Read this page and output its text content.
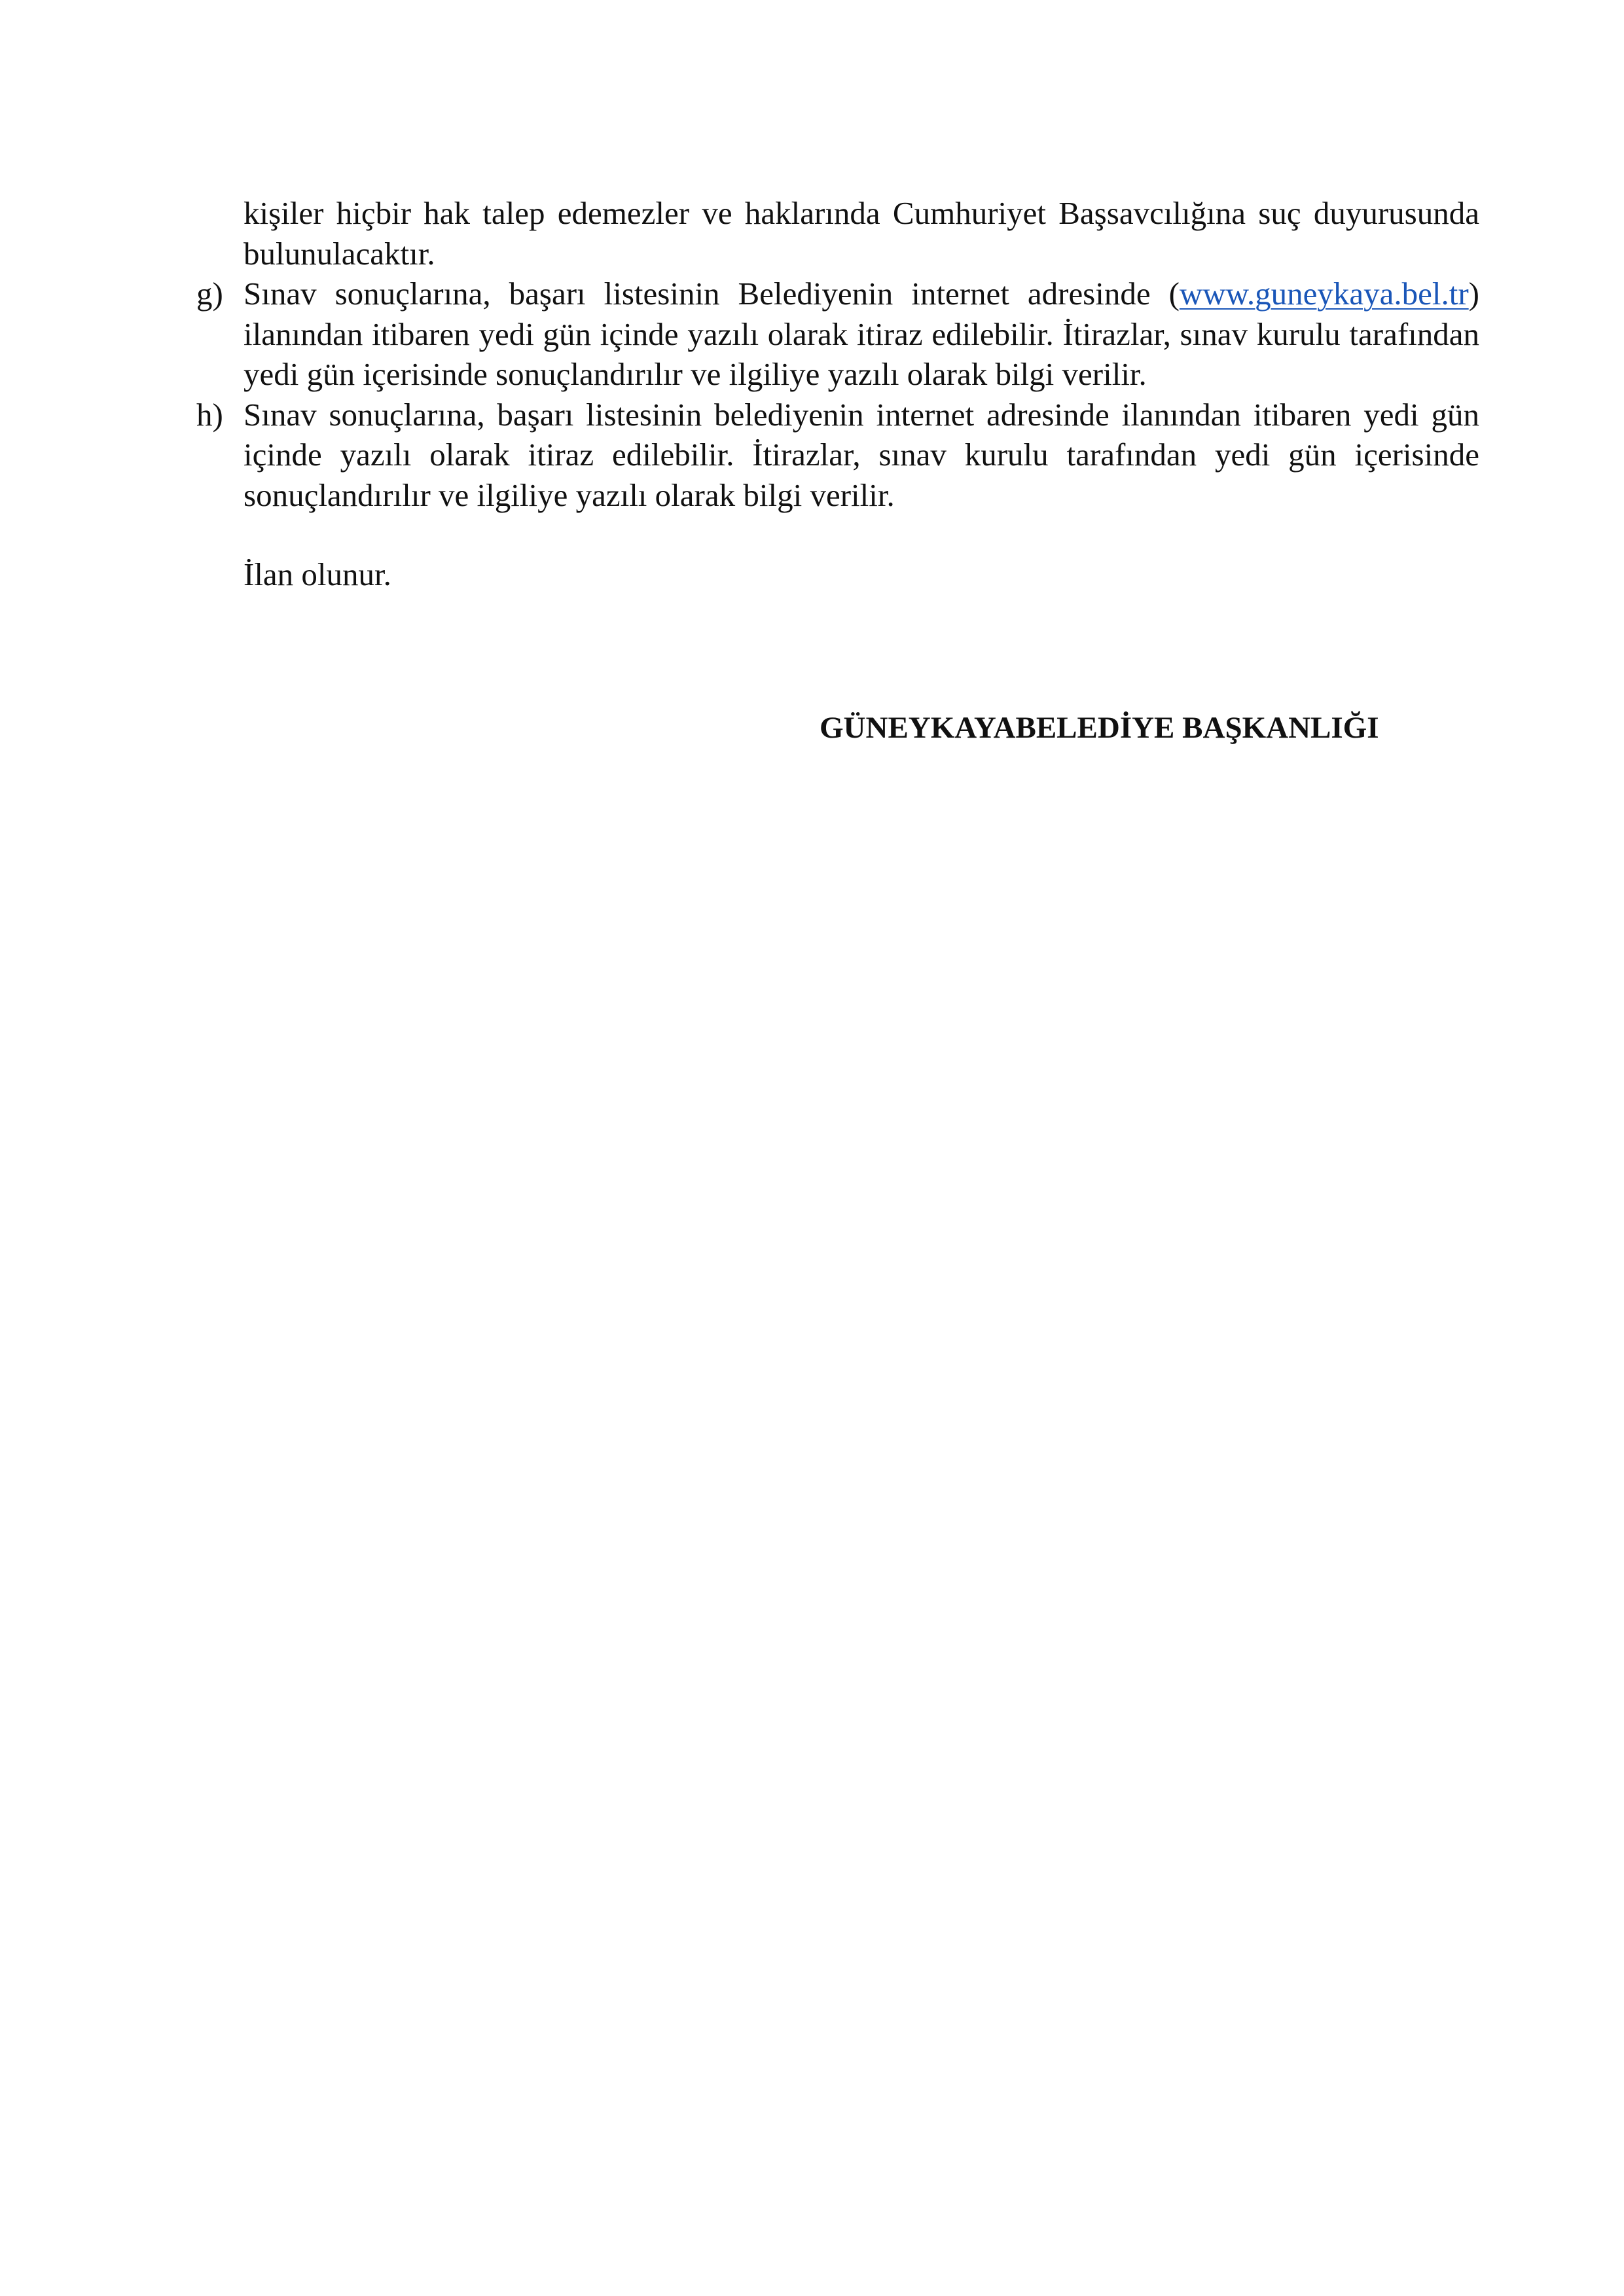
kişiler hiçbir hak talep edemezler ve haklarında Cumhuriyet Başsavcılığına suç duyurusunda bulunulacaktır.

g) Sınav sonuçlarına, başarı listesinin Belediyenin internet adresinde (www.guneykaya.bel.tr) ilanından itibaren yedi gün içinde yazılı olarak itiraz edilebilir. İtirazlar, sınav kurulu tarafından yedi gün içerisinde sonuçlandırılır ve ilgiliye yazılı olarak bilgi verilir.

h) Sınav sonuçlarına, başarı listesinin belediyenin internet adresinde ilanından itibaren yedi gün içinde yazılı olarak itiraz edilebilir. İtirazlar, sınav kurulu tarafından yedi gün içerisinde sonuçlandırılır ve ilgiliye yazılı olarak bilgi verilir.

İlan olunur.

GÜNEYKAYABELEDİYE BAŞKANLIĞI
